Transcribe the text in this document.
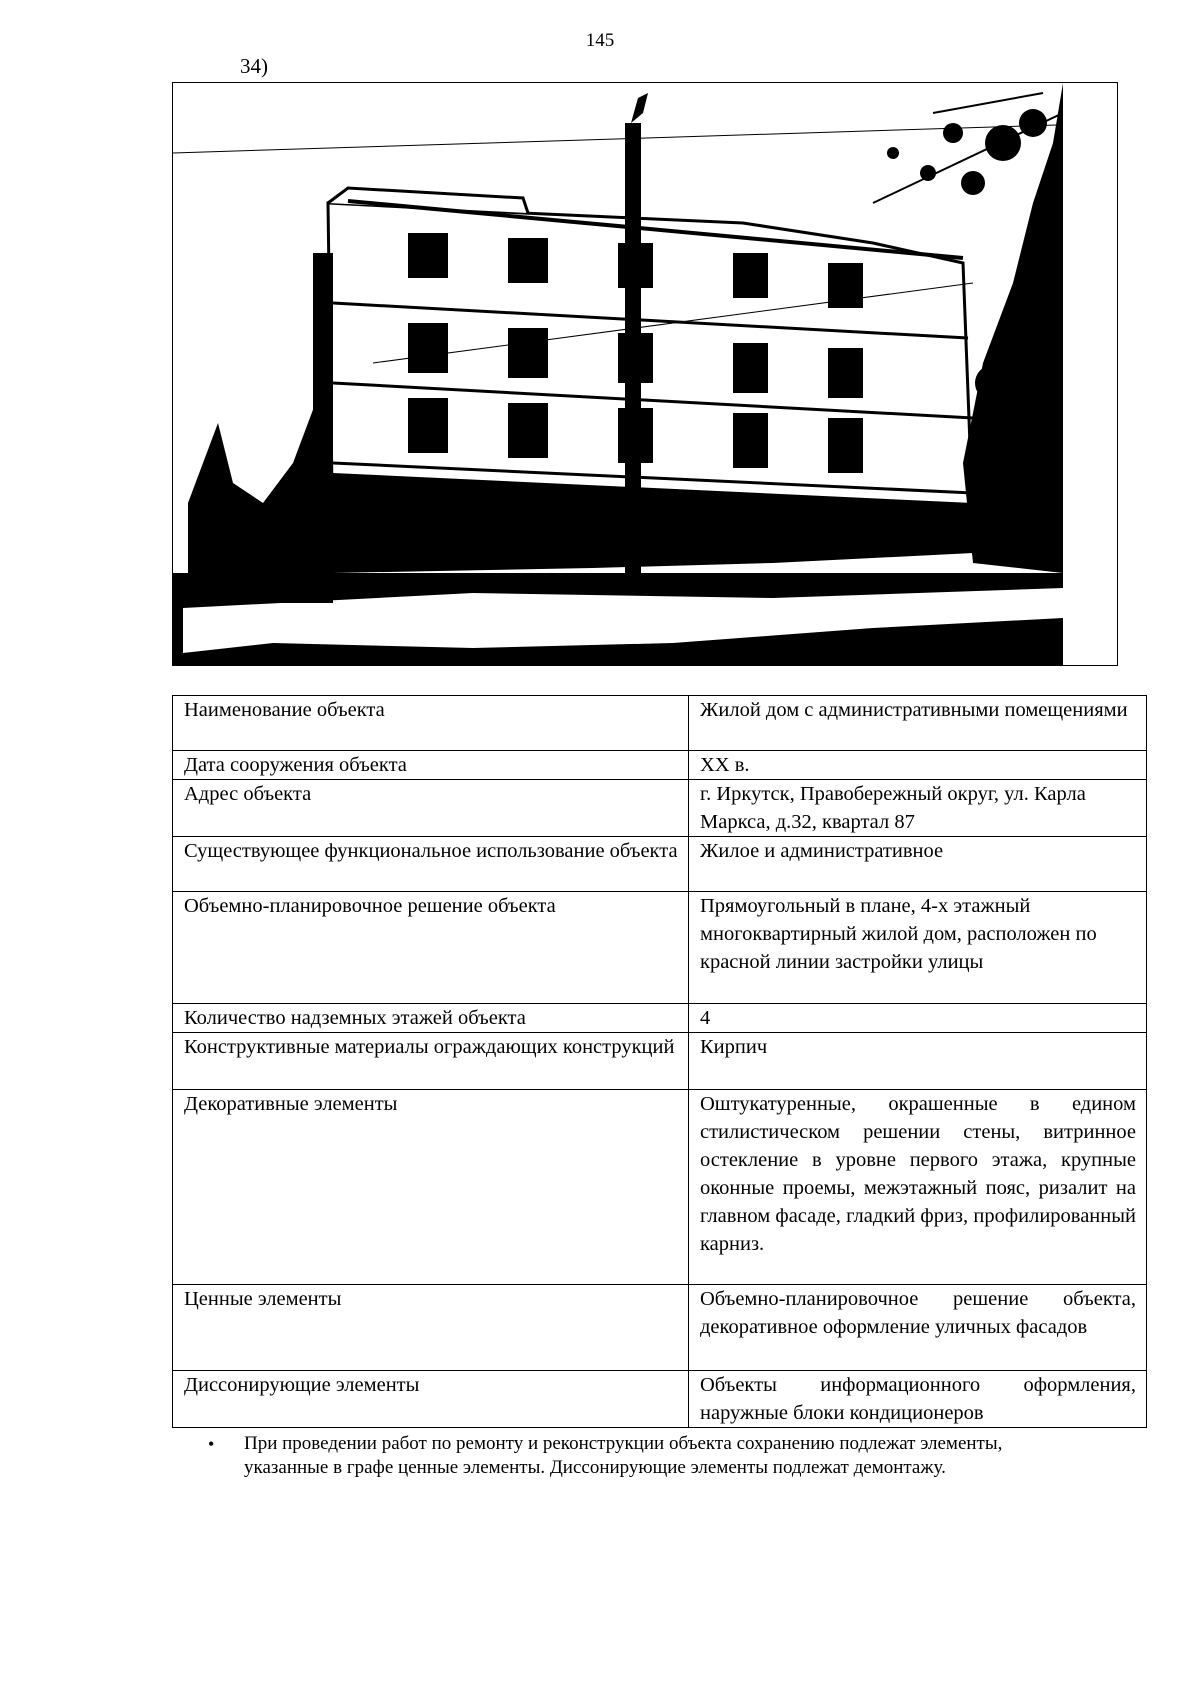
145
34)
Наименование объекта	Жилой дом с административными помещениями
Дата сооружения объекта	XX в.
Адрес объекта	г. Иркутск, Правобережный округ, ул. Карла Маркса, д.32, квартал 87
Существующее функциональное использование объекта	Жилое и административное
Объемно-планировочное решение объекта	Прямоугольный в плане, 4-х этажный многоквартирный жилой дом, расположен по красной линии застройки улицы
Количество надземных этажей объекта	4
Конструктивные материалы ограждающих конструкций	Кирпич
Декоративные элементы	Оштукатуренные, окрашенные в едином стилистическом решении стены, витринное остекление в уровне первого этажа, крупные оконные проемы, межэтажный пояс, ризалит на главном фасаде, гладкий фриз, профилированный карниз.
Ценные элементы	Объемно-планировочное решение объекта, декоративное оформление уличных фасадов
Диссонирующие элементы	Объекты информационного оформления, наружные блоки кондиционеров
• При проведении работ по ремонту и реконструкции объекта сохранению подлежат элементы, указанные в графе ценные элементы. Диссонирующие элементы подлежат демонтажу.
